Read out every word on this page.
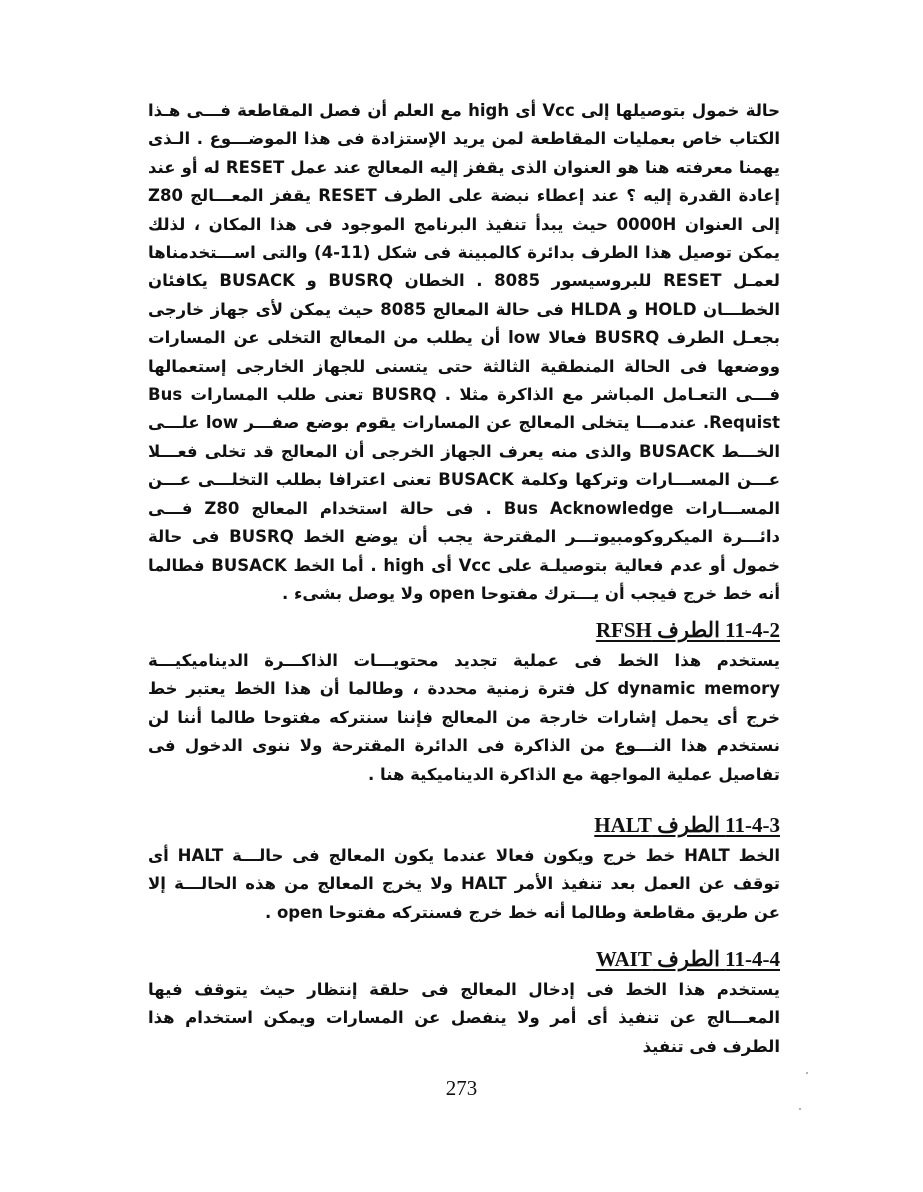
حالة خمول بتوصيلها إلى Vcc أى high مع العلم أن فصل المقاطعة فـــى هـذا الكتاب خاص بعمليات المقاطعة لمن يريد الإستزادة فى هذا الموضـــوع . الـذى يهمنا معرفته هنا هو العنوان الذى يقفز إليه المعالج عند عمل RESET له أو عند إعادة القدرة إليه ؟ عند إعطاء نبضة على الطرف RESET يقفز المعـــالج Z80 إلى العنوان 0000H حيث يبدأ تنفيذ البرنامج الموجود فى هذا المكان ، لذلك يمكن توصيل هذا الطرف بدائرة كالمبينة فى شكل (11-4) والتى اســـتخدمناها لعمـل RESET للبروسيسور 8085 . الخطان BUSRQ و BUSACK يكافئان الخطـــان HOLD و HLDA فى حالة المعالج 8085 حيث يمكن لأى جهاز خارجى بجعـل الطرف BUSRQ فعالا low أن يطلب من المعالج التخلى عن المسارات ووضعها فى الحالة المنطقية الثالثة حتى يتسنى للجهاز الخارجى إستعمالها فـــى التعـامل المباشر مع الذاكرة مثلا . BUSRQ تعنى طلب المسارات Bus Requist. عندمـــا يتخلى المعالج عن المسارات يقوم بوضع صفـــر low علـــى الخـــط BUSACK والذى منه يعرف الجهاز الخرجى أن المعالج قد تخلى فعـــلا عـــن المســـارات وتركها وكلمة BUSACK تعنى اعترافا بطلب التخلـــى عـــن المســـارات Bus Acknowledge . فى حالة استخدام المعالج Z80 فـــى دائـــرة الميكروكومبيوتـــر المقترحة يجب أن يوضع الخط BUSRQ فى حالة خمول أو عدم فعالية بتوصيلـة على Vcc أى high . أما الخط BUSACK فطالما أنه خط خرج فيجب أن يـــترك مفتوحا open ولا يوصل بشىء .

11-4-2 الطرف RFSH

يستخدم هذا الخط فى عملية تجديد محتويـــات الذاكـــرة الديناميكيـــة dynamic memory كل فترة زمنية محددة ، وطالما أن هذا الخط يعتبر خط خرج أى يحمل إشارات خارجة من المعالج فإننا سنتركه مفتوحا طالما أننا لن نستخدم هذا النـــوع من الذاكرة فى الدائرة المقترحة ولا ننوى الدخول فى تفاصيل عملية المواجهة مع الذاكرة الديناميكية هنا .

11-4-3 الطرف HALT

الخط HALT خط خرج ويكون فعالا عندما يكون المعالج فى حالـــة HALT أى توقف عن العمل بعد تنفيذ الأمر HALT ولا يخرج المعالج من هذه الحالـــة إلا عن طريق مقاطعة وطالما أنه خط خرج فسنتركه مفتوحا open .

11-4-4 الطرف WAIT

يستخدم هذا الخط فى إدخال المعالج فى حلقة إنتظار حيث يتوقف فيها المعـــالج عن تنفيذ أى أمر ولا ينفصل عن المسارات ويمكن استخدام هذا الطرف فى تنفيذ

273
